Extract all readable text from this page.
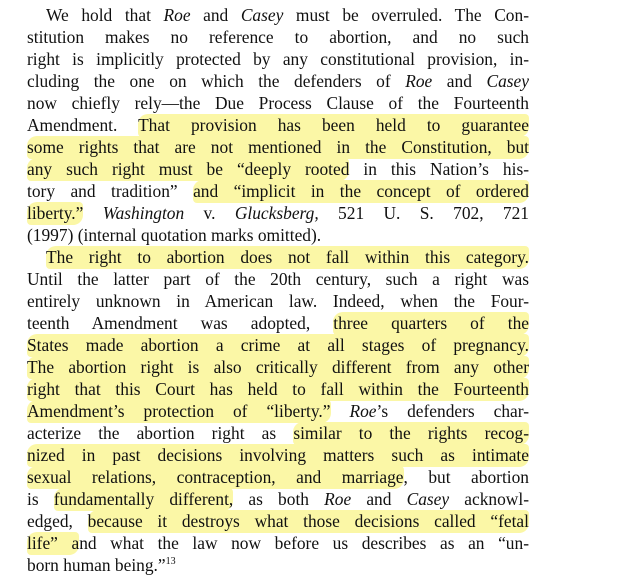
We hold that Roe and Casey must be overruled. The Con-
stitution makes no reference to abortion, and no such
right is implicitly protected by any constitutional provision, in-
cluding the one on which the defenders of Roe and Casey
now chiefly rely—the Due Process Clause of the Fourteenth
Amendment. That provision has been held to guarantee
some rights that are not mentioned in the Constitution, but
any such right must be “deeply rooted in this Nation’s his-
tory and tradition” and “implicit in the concept of ordered
liberty.” Washington v. Glucksberg, 521 U. S. 702, 721
(1997) (internal quotation marks omitted).
The right to abortion does not fall within this category.
Until the latter part of the 20th century, such a right was
entirely unknown in American law. Indeed, when the Four-
teenth Amendment was adopted, three quarters of the
States made abortion a crime at all stages of pregnancy.
The abortion right is also critically different from any other
right that this Court has held to fall within the Fourteenth
Amendment’s protection of “liberty.” Roe’s defenders char-
acterize the abortion right as similar to the rights recog-
nized in past decisions involving matters such as intimate
sexual relations, contraception, and marriage, but abortion
is fundamentally different, as both Roe and Casey acknowl-
edged, because it destroys what those decisions called “fetal
life” and what the law now before us describes as an “un-
born human being.”$^{13}$
